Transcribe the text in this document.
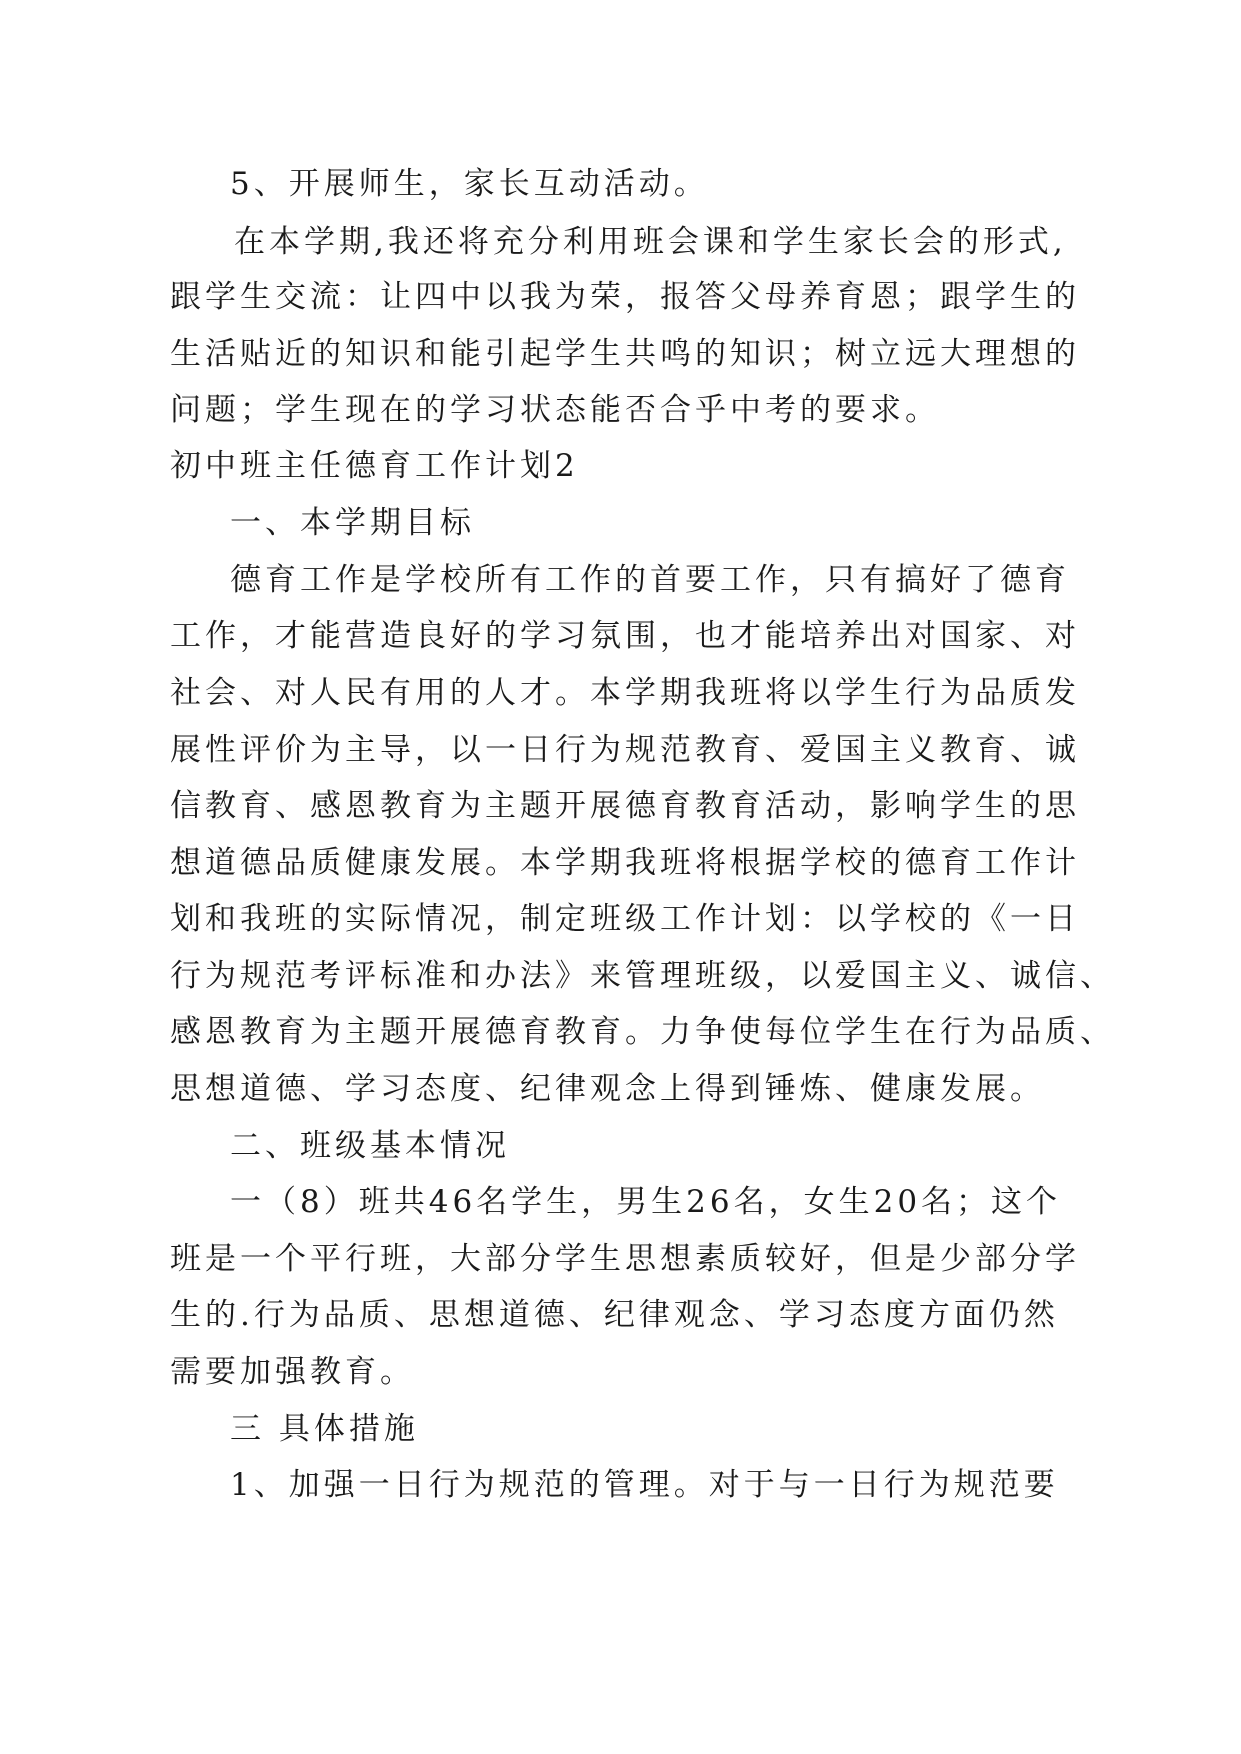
5、开展师生，家长互动活动。
在本学期,我还将充分利用班会课和学生家长会的形式,
跟学生交流：让四中以我为荣，报答父母养育恩；跟学生的
生活贴近的知识和能引起学生共鸣的知识；树立远大理想的
问题；学生现在的学习状态能否合乎中考的要求。
初中班主任德育工作计划2
一、本学期目标
德育工作是学校所有工作的首要工作，只有搞好了德育
工作，才能营造良好的学习氛围，也才能培养出对国家、对
社会、对人民有用的人才。本学期我班将以学生行为品质发
展性评价为主导，以一日行为规范教育、爱国主义教育、诚
信教育、感恩教育为主题开展德育教育活动，影响学生的思
想道德品质健康发展。本学期我班将根据学校的德育工作计
划和我班的实际情况，制定班级工作计划：以学校的《一日
行为规范考评标准和办法》来管理班级，以爱国主义、诚信、
感恩教育为主题开展德育教育。力争使每位学生在行为品质、
思想道德、学习态度、纪律观念上得到锤炼、健康发展。
二、班级基本情况
一（8）班共46名学生，男生26名，女生20名；这个
班是一个平行班，大部分学生思想素质较好，但是少部分学
生的.行为品质、思想道德、纪律观念、学习态度方面仍然
需要加强教育。
三 具体措施
1、加强一日行为规范的管理。对于与一日行为规范要
